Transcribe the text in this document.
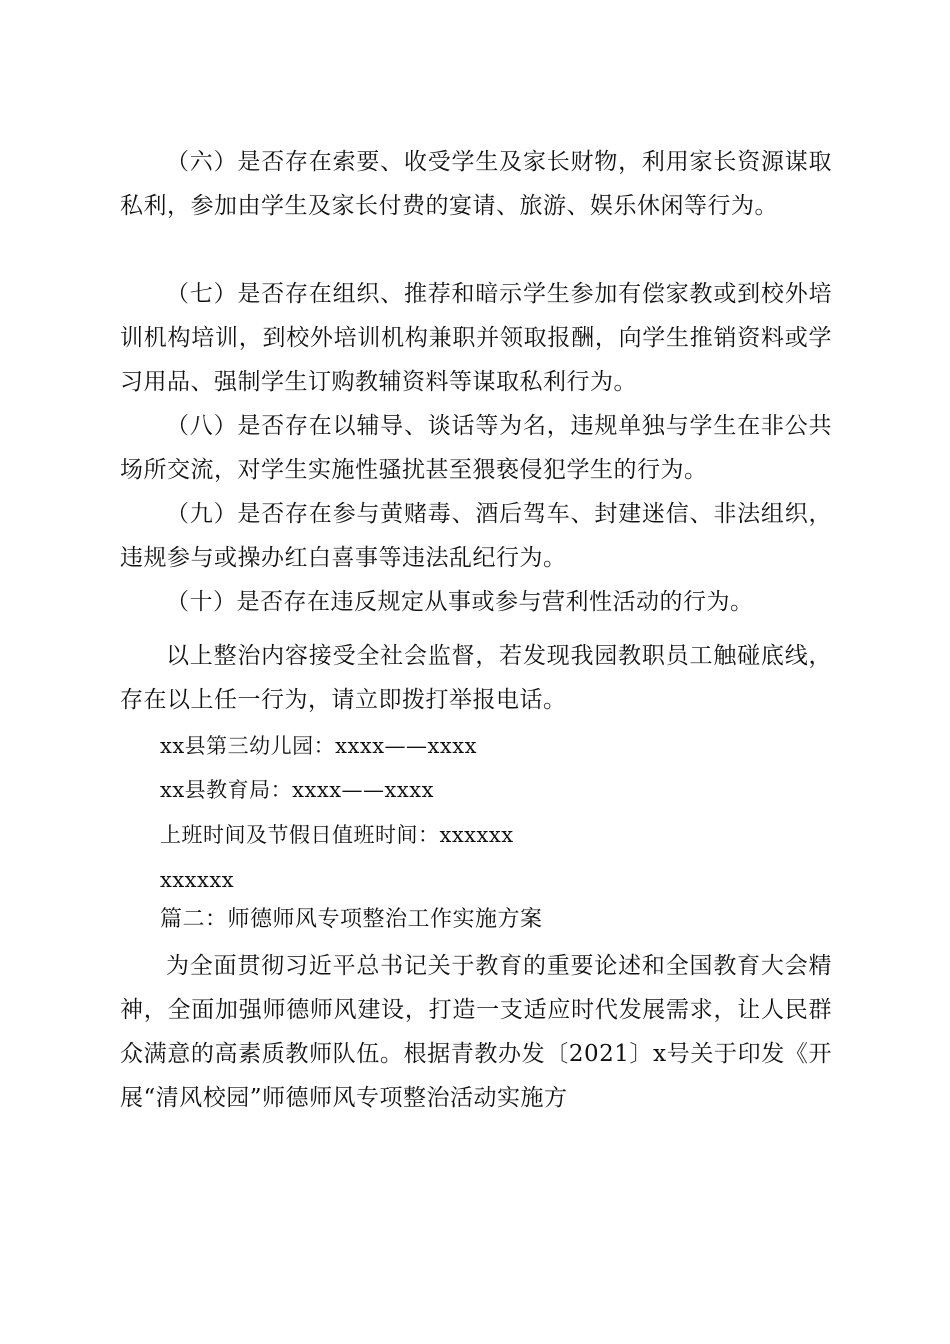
（六）是否存在索要、收受学生及家长财物，利用家长资源谋取私利，参加由学生及家长付费的宴请、旅游、娱乐休闲等行为。

（七）是否存在组织、推荐和暗示学生参加有偿家教或到校外培训机构培训，到校外培训机构兼职并领取报酬，向学生推销资料或学习用品、强制学生订购教辅资料等谋取私利行为。

（八）是否存在以辅导、谈话等为名，违规单独与学生在非公共场所交流，对学生实施性骚扰甚至猥亵侵犯学生的行为。

（九）是否存在参与黄赌毒、酒后驾车、封建迷信、非法组织，违规参与或操办红白喜事等违法乱纪行为。

（十）是否存在违反规定从事或参与营利性活动的行为。

以上整治内容接受全社会监督，若发现我园教职员工触碰底线，存在以上任一行为，请立即拨打举报电话。

xx县第三幼儿园：xxxx——xxxx

xx县教育局：xxxx——xxxx

上班时间及节假日值班时间：xxxxxx

xxxxxx

篇二：师德师风专项整治工作实施方案

为全面贯彻习近平总书记关于教育的重要论述和全国教育大会精神，全面加强师德师风建设，打造一支适应时代发展需求，让人民群众满意的高素质教师队伍。根据青教办发〔2021〕x号关于印发《开展“清风校园”师德师风专项整治活动实施方
